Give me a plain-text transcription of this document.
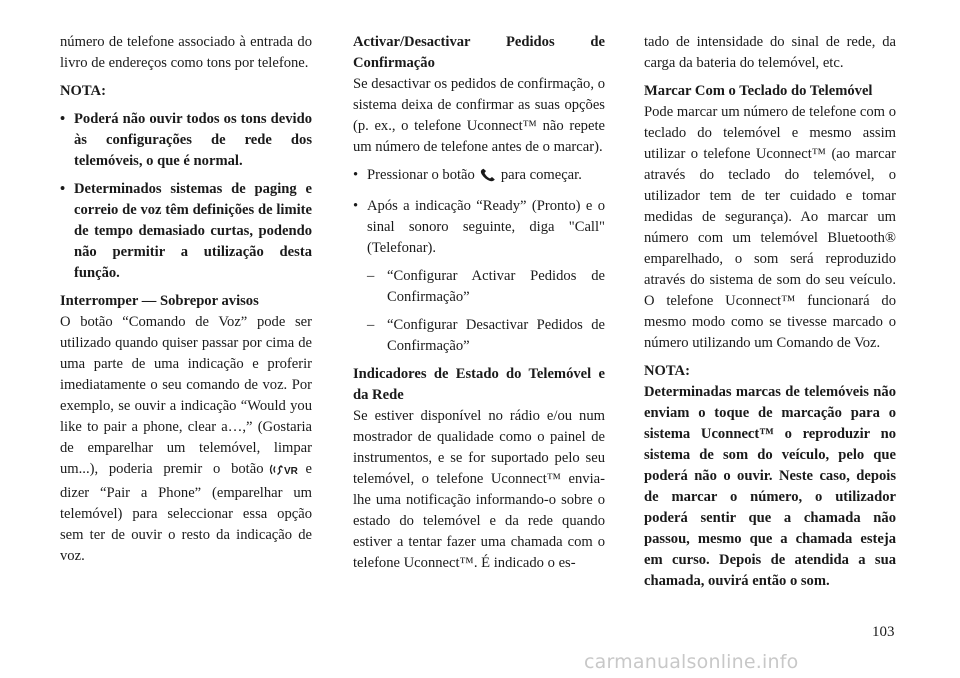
número de telefone associado à entrada do livro de endereços como tons por telefone.

NOTA:

• Poderá não ouvir todos os tons devido às configurações de rede dos telemóveis, o que é normal.
• Determinados sistemas de paging e correio de voz têm definições de limite de tempo demasiado curtas, podendo não permitir a utilização desta função.

Interromper — Sobrepor avisos

O botão “Comando de Voz” pode ser utilizado quando quiser passar por cima de uma parte de uma indicação e proferir imediatamente o seu comando de voz. Por exemplo, se ouvir a indicação “Would you like to pair a phone, clear a…,” (Gostaria de emparelhar um telemóvel, limpar um...), poderia premir o botão VR e dizer “Pair a Phone” (emparelhar um telemóvel) para seleccionar essa opção sem ter de ouvir o resto da indicação de voz.

Activar/Desactivar Pedidos de Confirmação

Se desactivar os pedidos de confirmação, o sistema deixa de confirmar as suas opções (p. ex., o telefone Uconnect™ não repete um número de telefone antes de o marcar).

• Pressionar o botão para começar.
• Após a indicação “Ready” (Pronto) e o sinal sonoro seguinte, diga "Call" (Telefonar).
– “Configurar Activar Pedidos de Confirmação”
– “Configurar Desactivar Pedidos de Confirmação”

Indicadores de Estado do Telemóvel e da Rede

Se estiver disponível no rádio e/ou num mostrador de qualidade como o painel de instrumentos, e se for suportado pelo seu telemóvel, o telefone Uconnect™ envia-lhe uma notificação informando-o sobre o estado do telemóvel e da rede quando estiver a tentar fazer uma chamada com o telefone Uconnect™. É indicado o es-

tado de intensidade do sinal de rede, da carga da bateria do telemóvel, etc.

Marcar Com o Teclado do Telemóvel

Pode marcar um número de telefone com o teclado do telemóvel e mesmo assim utilizar o telefone Uconnect™ (ao marcar através do teclado do telemóvel, o utilizador tem de ter cuidado e tomar medidas de segurança). Ao marcar um número com um telemóvel Bluetooth® emparelhado, o som será reproduzido através do sistema de som do seu veículo. O telefone Uconnect™ funcionará do mesmo modo como se tivesse marcado o número utilizando um Comando de Voz.

NOTA:

Determinadas marcas de telemóveis não enviam o toque de marcação para o sistema Uconnect™ o reproduzir no sistema de som do veículo, pelo que poderá não o ouvir. Neste caso, depois de marcar o número, o utilizador poderá sentir que a chamada não passou, mesmo que a chamada esteja em curso. Depois de atendida a sua chamada, ouvirá então o som.

103
carmanualsonline.info
